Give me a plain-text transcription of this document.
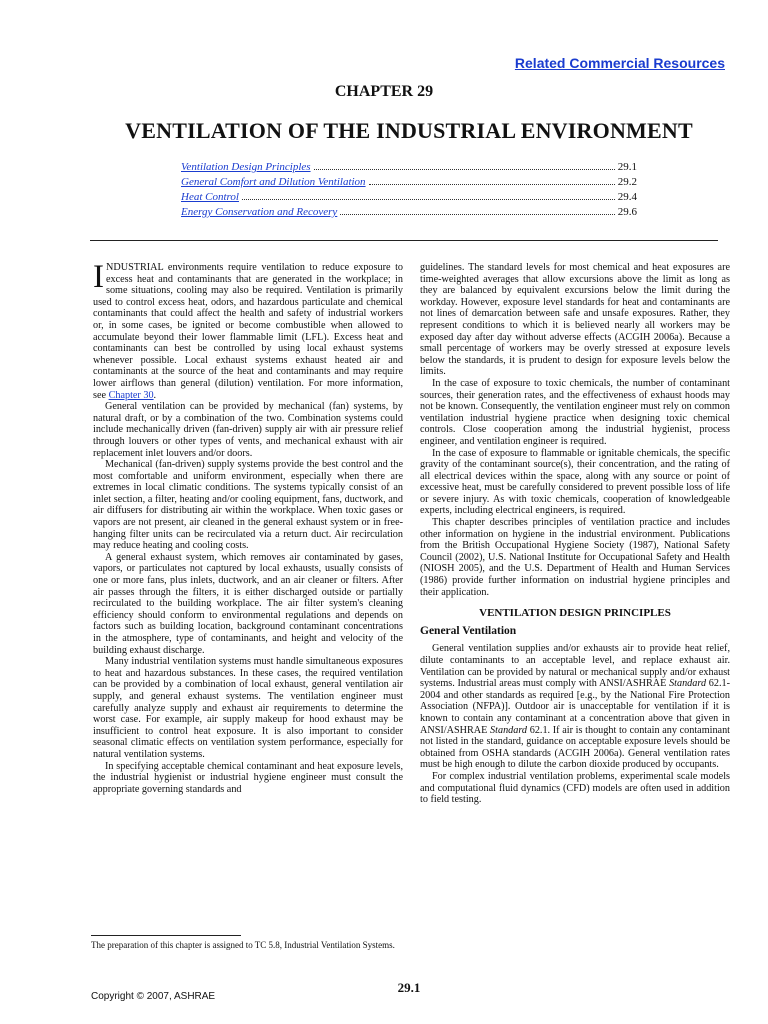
Related Commercial Resources
CHAPTER 29
VENTILATION OF THE INDUSTRIAL ENVIRONMENT
Ventilation Design Principles	29.1
General Comfort and Dilution Ventilation	29.2
Heat Control	29.4
Energy Conservation and Recovery	29.6

INDUSTRIAL environments require ventilation to reduce exposure to excess heat and contaminants that are generated in the workplace; in some situations, cooling may also be required. Ventilation is primarily used to control excess heat, odors, and hazardous particulate and chemical contaminants that could affect the health and safety of industrial workers or, in some cases, be ignited or become combustible when allowed to accumulate beyond their lower flammable limit (LFL). Excess heat and contaminants can best be controlled by using local exhaust systems whenever possible. Local exhaust systems exhaust heated air and contaminants at the source of the heat and contaminants and may require lower airflows than general (dilution) ventilation. For more information, see Chapter 30.

General ventilation can be provided by mechanical (fan) systems, by natural draft, or by a combination of the two. Combination systems could include mechanically driven (fan-driven) supply air with air pressure relief through louvers or other types of vents, and mechanical exhaust with air replacement inlet louvers and/or doors.

Mechanical (fan-driven) supply systems provide the best control and the most comfortable and uniform environment, especially when there are extremes in local climatic conditions. The systems typically consist of an inlet section, a filter, heating and/or cooling equipment, fans, ductwork, and air diffusers for distributing air within the workplace. When toxic gases or vapors are not present, air cleaned in the general exhaust system or in free-hanging filter units can be recirculated via a return duct. Air recirculation may reduce heating and cooling costs.

A general exhaust system, which removes air contaminated by gases, vapors, or particulates not captured by local exhausts, usually consists of one or more fans, plus inlets, ductwork, and an air cleaner or filters. After air passes through the filters, it is either discharged outside or partially recirculated to the building workplace. The air filter system's cleaning efficiency should conform to environmental regulations and depends on factors such as building location, background contaminant concentrations in the atmosphere, type of contaminants, and height and velocity of the building exhaust discharge.

Many industrial ventilation systems must handle simultaneous exposures to heat and hazardous substances. In these cases, the required ventilation can be provided by a combination of local exhaust, general ventilation air supply, and general exhaust systems. The ventilation engineer must carefully analyze supply and exhaust air requirements to determine the worst case. For example, air supply makeup for hood exhaust may be insufficient to control heat exposure. It is also important to consider seasonal climatic effects on ventilation system performance, especially for natural ventilation systems.

In specifying acceptable chemical contaminant and heat exposure levels, the industrial hygienist or industrial hygiene engineer must consult the appropriate governing standards and

guidelines. The standard levels for most chemical and heat exposures are time-weighted averages that allow excursions above the limit as long as they are balanced by equivalent excursions below the limit during the workday. However, exposure level standards for heat and contaminants are not lines of demarcation between safe and unsafe exposures. Rather, they represent conditions to which it is believed nearly all workers may be exposed day after day without adverse effects (ACGIH 2006a). Because a small percentage of workers may be overly stressed at exposure levels below the standards, it is prudent to design for exposure levels below the limits.

In the case of exposure to toxic chemicals, the number of contaminant sources, their generation rates, and the effectiveness of exhaust hoods may not be known. Consequently, the ventilation engineer must rely on common ventilation industrial hygiene practice when designing toxic chemical controls. Close cooperation among the industrial hygienist, process engineer, and ventilation engineer is required.

In the case of exposure to flammable or ignitable chemicals, the specific gravity of the contaminant source(s), their concentration, and the rating of all electrical devices within the space, along with any source or point of excessive heat, must be carefully considered to prevent possible loss of life or severe injury. As with toxic chemicals, cooperation of knowledgeable experts, including electrical engineers, is required.

This chapter describes principles of ventilation practice and includes other information on hygiene in the industrial environment. Publications from the British Occupational Hygiene Society (1987), National Safety Council (2002), U.S. National Institute for Occupational Safety and Health (NIOSH 2005), and the U.S. Department of Health and Human Services (1986) provide further information on industrial hygiene principles and their application.

VENTILATION DESIGN PRINCIPLES
General Ventilation

General ventilation supplies and/or exhausts air to provide heat relief, dilute contaminants to an acceptable level, and replace exhaust air. Ventilation can be provided by natural or mechanical supply and/or exhaust systems. Industrial areas must comply with ANSI/ASHRAE Standard 62.1-2004 and other standards as required [e.g., by the National Fire Protection Association (NFPA)]. Outdoor air is unacceptable for ventilation if it is known to contain any contaminant at a concentration above that given in ANSI/ASHRAE Standard 62.1. If air is thought to contain any contaminant not listed in the standard, guidance on acceptable exposure levels should be obtained from OSHA standards (ACGIH 2006a). General ventilation rates must be high enough to dilute the carbon dioxide produced by occupants.

For complex industrial ventilation problems, experimental scale models and computational fluid dynamics (CFD) models are often used in addition to field testing.

The preparation of this chapter is assigned to TC 5.8, Industrial Ventilation Systems.
29.1
Copyright © 2007, ASHRAE
